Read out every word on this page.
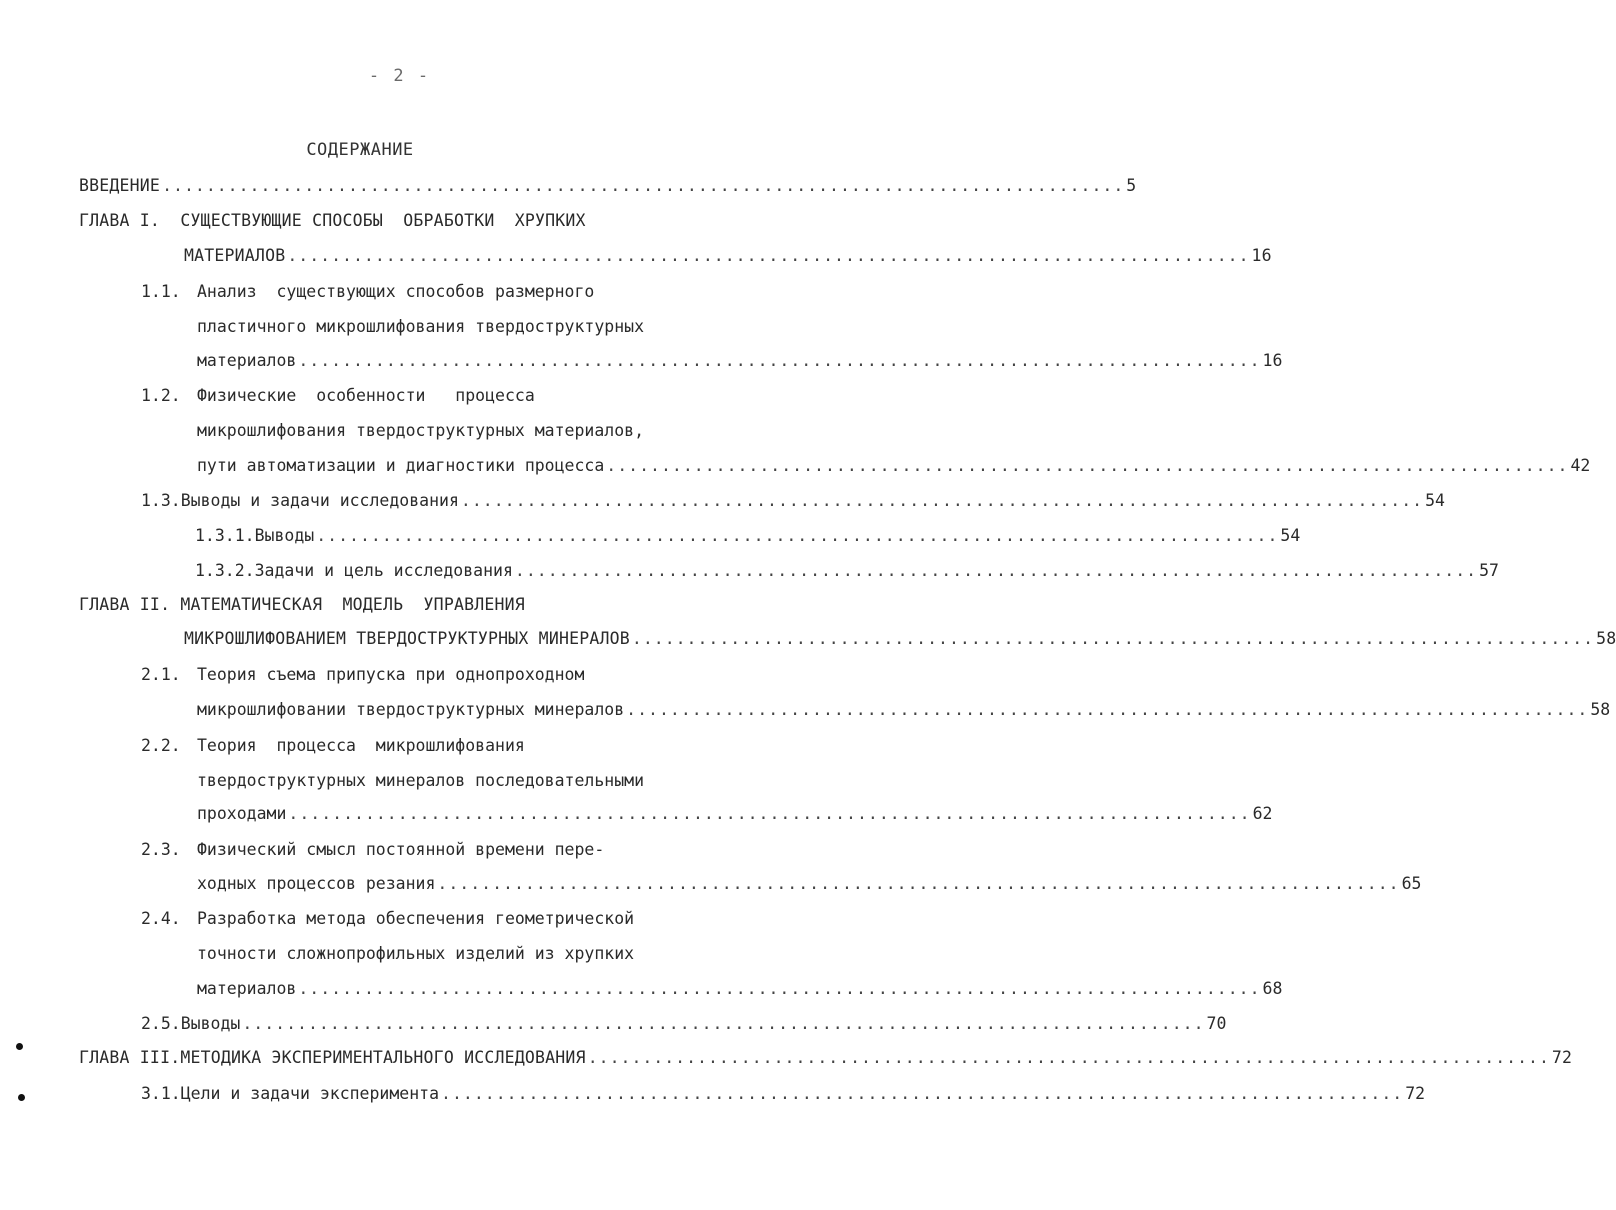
- 2 -
СОДЕРЖАНИЕ
ВВЕДЕНИЕ ........................................................................................ 5
ГЛАВА I.  СУЩЕСТВУЮЩИЕ СПОСОБЫ  ОБРАБОТКИ  ХРУПКИХ
МАТЕРИАЛОВ ........................................................................................ 16
1.1. Анализ  существующих способов размерного
пластичного микрошлифования твердоструктурных
материалов ........................................................................................ 16
1.2. Физические  особенности   процесса
микрошлифования твердоструктурных материалов,
пути автоматизации и диагностики процесса ........................................................................................ 42
1.3. Выводы и задачи исследования ........................................................................................ 54
1.3.1. Выводы ........................................................................................ 54
1.3.2. Задачи и цель исследования ........................................................................................ 57
ГЛАВА II. МАТЕМАТИЧЕСКАЯ  МОДЕЛЬ  УПРАВЛЕНИЯ
МИКРОШЛИФОВАНИЕМ ТВЕРДОСТРУКТУРНЫХ МИНЕРАЛОВ ........................................................................................ 58
2.1. Теория съема припуска при однопроходном
микрошлифовании твердоструктурных минералов ........................................................................................ 58
2.2. Теория  процесса  микрошлифования
твердоструктурных минералов последовательными
проходами ........................................................................................ 62
2.3. Физический смысл постоянной времени пере-
ходных процессов резания ........................................................................................ 65
2.4. Разработка метода обеспечения геометрической
точности сложнопрофильных изделий из хрупких
материалов ........................................................................................ 68
2.5. Выводы ........................................................................................ 70
ГЛАВА III.МЕТОДИКА ЭКСПЕРИМЕНТАЛЬНОГО ИССЛЕДОВАНИЯ ........................................................................................ 72
3.1. Цели и задачи эксперимента ........................................................................................ 72
